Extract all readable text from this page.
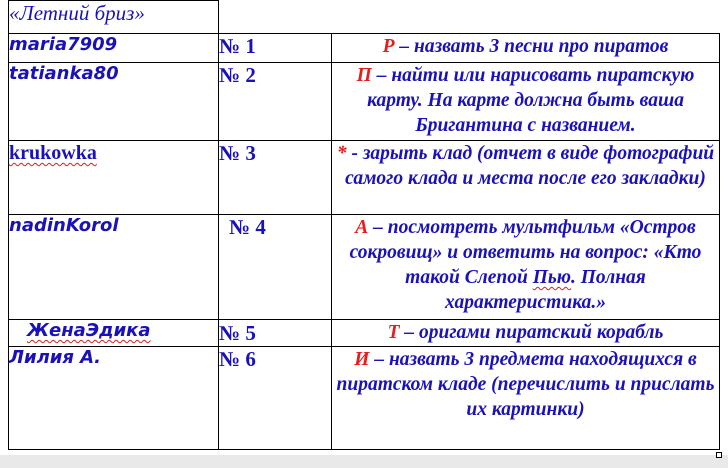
«Летний бриз»		
maria7909	№ 1	Р – назвать 3 песни про пиратов
tatianka80	№ 2	П – найти или нарисовать пиратскую карту. На карте должна быть ваша Бригантина с названием.
krukowka	№ 3	* - зарыть клад (отчет в виде фотографий самого клада и места после его закладки)
nadinKorol	№ 4	А – посмотреть мультфильм «Остров сокровищ» и ответить на вопрос: «Кто такой Слепой Пью. Полная характеристика.»
ЖенаЭдика	№ 5	Т – оригами пиратский корабль
Лилия А.	№ 6	И – назвать 3 предмета находящихся в пиратском кладе (перечислить и прислать их картинки)
